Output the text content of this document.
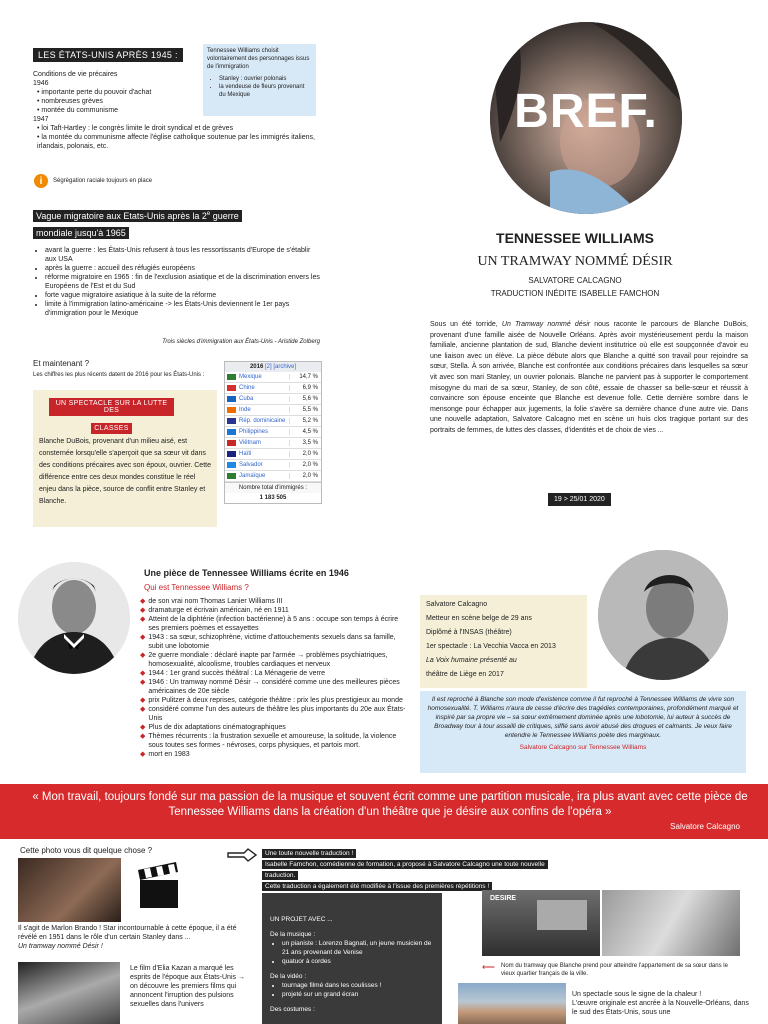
LES ÉTATS-UNIS APRÈS 1945 :
Conditions de vie précaires
1946
• importante perte du pouvoir d'achat
• nombreuses grèves
• montée du communisme
1947
• loi Taft-Hartley : le congrès limite le droit syndical et de grèves
• la montée du communisme affecte l'église catholique soutenue par les immigrés italiens, irlandais, polonais, etc.
i	Ségrégation raciale toujours en place
Tennessee Williams choisit volontairement des personnages issus de l'immigration
• Stanley : ouvrier polonais
• la vendeuse de fleurs provenant du Mexique
Vague migratoire aux Etats-Unis après la 2e guerre mondiale jusqu'à 1965
• avant la guerre : les États-Unis refusent à tous les ressortissants d'Europe de s'établir aux USA
• après la guerre : accueil des réfugiés européens
• réforme migratoire en 1965 : fin de l'exclusion asiatique et de la discrimination envers les Européens de l'Est et du Sud
• forte vague migratoire asiatique à la suite de la réforme
• limite à l'immigration latino-américaine -> les États-Unis deviennent le 1er pays d'immigration pour le Mexique
Trois siècles d'immigration aux États-Unis - Aristide Zolberg
Et maintenant ?
Les chiffres les plus récents datent de 2016 pour les États-Unis :
UN SPECTACLE SUR LA LUTTE DES
CLASSES
Blanche DuBois, provenant d'un milieu aisé, est consternée lorsqu'elle s'aperçoit que sa sœur vit dans des conditions précaires avec son époux, ouvrier. Cette différence entre ces deux mondes constitue le réel enjeu dans la pièce, source de conflit entre Stanley et Blanche.
2016 [2] [archive]
Mexique	14,7 %
Chine	6,9 %
Cuba	5,6 %
Inde	5,5 %
Rép. dominicaine	5,2 %
Philippines	4,5 %
Viêtnam	3,5 %
Haïti	2,0 %
Salvador	2,0 %
Jamaïque	2,0 %
Nombre total d'immigrés :
1 183 505
BREF.
TENNESSEE WILLIAMS
UN TRAMWAY NOMMÉ DÉSIR
SALVATORE CALCAGNO
TRADUCTION INÉDITE ISABELLE FAMCHON
Sous un été torride, Un Tramway nommé désir nous raconte le parcours de Blanche DuBois, provenant d'une famille aisée de Nouvelle Orléans. Après avoir mystérieusement perdu la maison familiale, ancienne plantation de sud, Blanche devient institutrice où elle est soupçonnée d'avoir eu une liaison avec un élève. La pièce débute alors que Blanche a quitté son travail pour rejoindre sa sœur, Stella. À son arrivée, Blanche est confrontée aux conditions précaires dans lesquelles sa sœur vit avec son mari Stanley, un ouvrier polonais. Blanche ne parvient pas à supporter le comportement misogyne du mari de sa sœur, Stanley, de son côté, essaie de chasser sa belle-sœur et réussit à convaincre son épouse enceinte que Blanche est devenue folle. Cette dernière sombre dans le mensonge pour échapper aux jugements, la folie s'avère sa dernière chance d'une autre vie. Dans une nouvelle adaptation, Salvatore Calcagno met en scène un huis clos tragique portant sur des portraits de femmes, de luttes des classes, d'identités et de choix de vies ...
19 > 25/01 2020
Une pièce de Tennessee Williams écrite en 1946
Qui est Tennessee Williams ?
◆ de son vrai nom Thomas Lanier Williams III
◆ dramaturge et écrivain américain, né en 1911
◆ Atteint de la diphtérie (infection bactérienne) à 5 ans : occupe son temps à écrire ses premiers poèmes et essayettes
◆ 1943 : sa sœur, schizophrène, victime d'attouchements sexuels dans sa famille, subit une lobotomie
◆ 2e guerre mondiale : déclaré inapte par l'armée → problèmes psychiatriques, homosexualité, alcoolisme, troubles cardiaques et nerveux
◆ 1944 : 1er grand succès théâtral : La Ménagerie de verre
◆ 1946 : Un tramway nommé Désir → considéré comme une des meilleures pièces américaines de 20e siècle
◆ prix Pulitzer à deux reprises, catégorie théâtre : prix les plus prestigieux au monde
◆ considéré comme l'un des auteurs de théâtre les plus importants du 20e aux États-Unis
◆ Plus de dix adaptations cinématographiques
◆ Thèmes récurrents : la frustration sexuelle et amoureuse, la solitude, la violence sous toutes ses formes - névroses, corps physiques, et partois mort.
◆ mort en 1983
Salvatore Calcagno
Metteur en scène belge de 29 ans
Diplômé à l'INSAS (théâtre)
1er spectacle : La Vecchia Vacca en 2013
La Voix humaine présenté au
théâtre de Liège en 2017
Il est reproché à Blanche son mode d'existence comme il fut reproché à Tennessee Williams de vivre son homosexualité. T. Williams n'aura de cesse d'écrire des tragédies contemporaines, profondément marqué et inspiré par sa propre vie – sa sœur extrêmement dominée après une lobotomie, lui auteur à succès de Broadway tour à tour assailli de critiques, sifflé sans avoir abusé des drogues et calmants. Je veux faire entendre le Tennessee Williams poète des marginaux.
Salvatore Calcagno sur Tennessee Williams
« Mon travail, toujours fondé sur ma passion de la musique et souvent écrit comme une partition musicale, ira plus avant avec cette pièce de Tennessee Williams dans la création d'un théâtre que je désire aux confins de l'opéra »
Salvatore Calcagno
Cette photo vous dit quelque chose ?
Il s'agit de Marlon Brando ! Star incontournable à cette époque, il a été révélé en 1951 dans le rôle d'un certain Stanley dans ...
Un tramway nommé Désir !
Le film d'Elia Kazan a marqué les esprits de l'époque aux États-Unis → on découvre les premiers films qui annoncent l'irruption des pulsions sexuelles dans l'univers
Une toute nouvelle traduction !
Isabelle Famchon, comédienne de formation, a proposé à Salvatore Calcagno une toute nouvelle traduction.
Cette traduction a également été modifiée à l'issue des premières répétitions !
UN PROJET AVEC ...
De la musique :
• un pianiste : Lorenzo Bagnati, un jeune musicien de 21 ans provenant de Venise
• quatuor à cordes
De la vidéo :
• tournage filmé dans les coulisses !
• projeté sur un grand écran
Des costumes :
DESIRE
⟵ Nom du tramway que Blanche prend pour atteindre l'appartement de sa sœur dans le vieux quartier français de la ville.
Un spectacle sous le signe de la chaleur !
L'œuvre originale est ancrée à la Nouvelle-Orléans, dans le sud des États-Unis, sous une
